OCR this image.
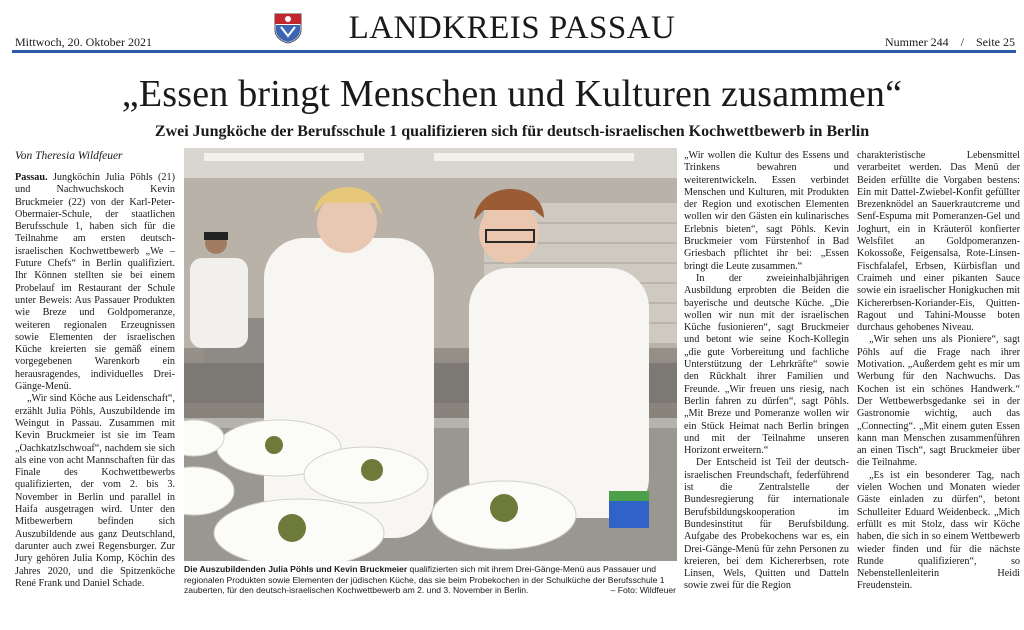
Mittwoch, 20. Oktober 2021	LANDKREIS PASSAU	Nummer 244 / Seite 25
„Essen bringt Menschen und Kulturen zusammen“
Zwei Jungköche der Berufsschule 1 qualifizieren sich für deutsch-israelischen Kochwettbewerb in Berlin
Von Theresia Wildfeuer

Passau. Jungköchin Julia Pöhls (21) und Nachwuchskoch Kevin Bruckmeier (22) von der Karl-Peter-Obermaier-Schule, der staatlichen Berufsschule 1, haben sich für die Teilnahme am ersten deutsch-israelischen Kochwettbewerb „We – Future Chefs“ in Berlin qualifiziert. Ihr Können stellten sie bei einem Probelauf im Restaurant der Schule unter Beweis: Aus Passauer Produkten wie Breze und Goldpomeranze, weiteren regionalen Erzeugnissen sowie Elementen der israelischen Küche kreierten sie gemäß einem vorgegebenen Warenkorb ein herausragendes, individuelles Drei-Gänge-Menü.

„Wir sind Köche aus Leidenschaft“, erzählt Julia Pöhls, Auszubildende im Weingut in Passau. Zusammen mit Kevin Bruckmeier ist sie im Team „Oachkatzlschwoaf“, nachdem sie sich als eine von acht Mannschaften für das Finale des Kochwettbewerbs qualifizierten, der vom 2. bis 3. November in Berlin und parallel in Haifa ausgetragen wird. Unter den Mitbewerbern befinden sich Auszubildende aus ganz Deutschland, darunter auch zwei Regensburger. Zur Jury gehören Julia Komp, Köchin des Jahres 2020, und die Spitzenköche René Frank und Daniel Schade.

Die Auszubildenden Julia Pöhls und Kevin Bruckmeier qualifizierten sich mit ihrem Drei-Gänge-Menü aus Passauer und regionalen Produkten sowie Elementen der jüdischen Küche, das sie beim Probekochen in der Schulküche der Berufsschule 1 zauberten, für den deutsch-israelischen Kochwettbewerb am 2. und 3. November in Berlin.	– Foto: Wildfeuer

„Wir wollen die Kultur des Essens und Trinkens bewahren und weiterentwickeln. Essen verbindet Menschen und Kulturen, mit Produkten der Region und exotischen Elementen wollen wir den Gästen ein kulinarisches Erlebnis bieten“, sagt Pöhls. Kevin Bruckmeier vom Fürstenhof in Bad Griesbach pflichtet ihr bei: „Essen bringt die Leute zusammen.“

In der zweieinhalbjährigen Ausbildung erprobten die Beiden die bayerische und deutsche Küche. „Die wollen wir nun mit der israelischen Küche fusionieren“, sagt Bruckmeier und betont wie seine Koch-Kollegin „die gute Vorbereitung und fachliche Unterstützung der Lehrkräfte“ sowie den Rückhalt ihrer Familien und Freunde. „Wir freuen uns riesig, nach Berlin fahren zu dürfen“, sagt Pöhls. „Mit Breze und Pomeranze wollen wir ein Stück Heimat nach Berlin bringen und mit der Teilnahme unseren Horizont erweitern.“

Der Entscheid ist Teil der deutsch-israelischen Freundschaft, federführend ist die Zentralstelle der Bundesregierung für internationale Berufsbildungskooperation im Bundesinstitut für Berufsbildung. Aufgabe des Probekochens war es, ein Drei-Gänge-Menü für zehn Personen zu kreieren, bei dem Kichererbsen, rote Linsen, Wels, Quitten und Datteln sowie zwei für die Region

charakteristische Lebensmittel verarbeitet werden. Das Menü der Beiden erfüllte die Vorgaben bestens: Ein mit Dattel-Zwiebel-Konfit gefüllter Brezenknödel an Sauerkrautcreme und Senf-Espuma mit Pomeranzen-Gel und Joghurt, ein in Kräuteröl konfierter Welsfilet an Goldpomeranzen-Kokossoße, Feigensalsa, Rote-Linsen-Fischfalafel, Erbsen, Kürbisflan und Craimeh und einer pikanten Sauce sowie ein israelischer Honigkuchen mit Kichererbsen-Koriander-Eis, Quitten-Ragout und Tahini-Mousse boten durchaus gehobenes Niveau.

„Wir sehen uns als Pioniere“, sagt Pöhls auf die Frage nach ihrer Motivation. „Außerdem geht es mir um Werbung für den Nachwuchs. Das Kochen ist ein schönes Handwerk.“ Der Wettbewerbsgedanke sei in der Gastronomie wichtig, auch das „Connecting“. „Mit einem guten Essen kann man Menschen zusammenführen an einen Tisch“, sagt Bruckmeier über die Teilnahme.

„Es ist ein besonderer Tag, nach vielen Wochen und Monaten wieder Gäste einladen zu dürfen“, betont Schulleiter Eduard Weidenbeck. „Mich erfüllt es mit Stolz, dass wir Köche haben, die sich in so einem Wettbewerb wieder finden und für die nächste Runde qualifizieren“, so Nebenstellenleiterin Heidi Freudenstein.
